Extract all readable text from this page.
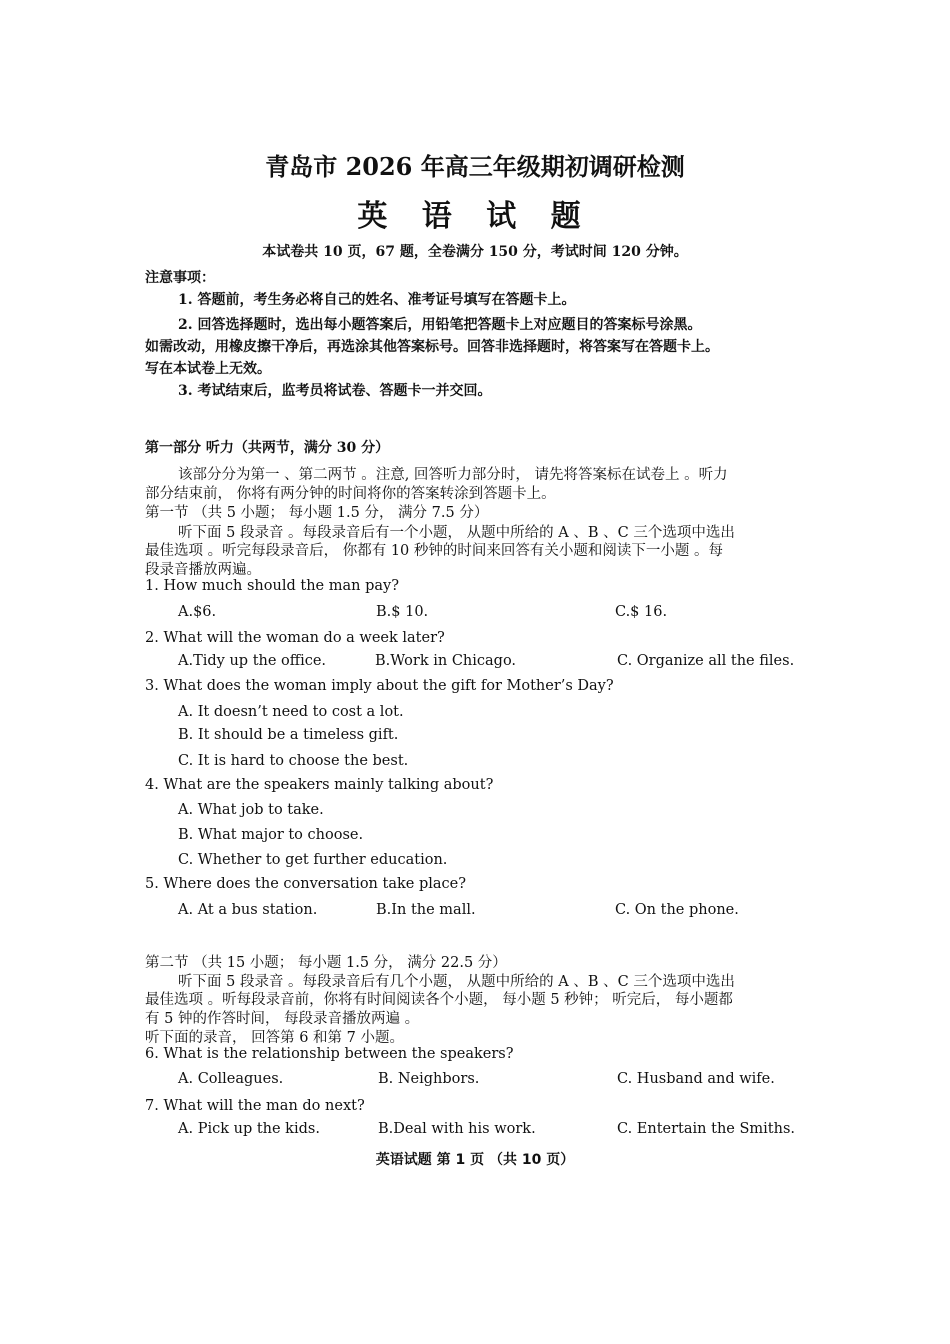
青岛市 2026 年高三年级期初调研检测
英 语 试 题
本试卷共 10 页，67 题，全卷满分 150 分，考试时间 120 分钟。
注意事项：
1. 答题前，考生务必将自己的姓名、准考证号填写在答题卡上。
2. 回答选择题时，选出每小题答案后，用铅笔把答题卡上对应题目的答案标号涂黑。
如需改动，用橡皮擦干净后，再选涂其他答案标号。回答非选择题时，将答案写在答题卡上。
写在本试卷上无效。
3. 考试结束后，监考员将试卷、答题卡一并交回。
第一部分 听力（共两节，满分 30 分）
该部分分为第一 、第二两节 。注意, 回答听力部分时， 请先将答案标在试卷上 。听力
部分结束前， 你将有两分钟的时间将你的答案转涂到答题卡上。
第一节 （共 5 小题； 每小题 1.5 分， 满分 7.5 分）
听下面 5 段录音 。每段录音后有一个小题， 从题中所给的 A 、B 、C 三个选项中选出
最佳选项 。听完每段录音后， 你都有 10 秒钟的时间来回答有关小题和阅读下一小题 。每
段录音播放两遍。
1. How much should the man pay?
A.$6.	B.$ 10.	C.$ 16.
2. What will the woman do a week later?
A.Tidy up the office.	B.Work in Chicago.	C. Organize all the files.
3. What does the woman imply about the gift for Mother’s Day?
A. It doesn’t need to cost a lot.
B. It should be a timeless gift.
C. It is hard to choose the best.
4. What are the speakers mainly talking about?
A. What job to take.
B. What major to choose.
C. Whether to get further education.
5. Where does the conversation take place?
A. At a bus station.	B.In the mall.	C. On the phone.
第二节 （共 15 小题； 每小题 1.5 分， 满分 22.5 分）
听下面 5 段录音 。每段录音后有几个小题， 从题中所给的 A 、B 、C 三个选项中选出
最佳选项 。听每段录音前，你将有时间阅读各个小题， 每小题 5 秒钟； 听完后， 每小题都
有 5 钟的作答时间， 每段录音播放两遍 。
听下面的录音， 回答第 6 和第 7 小题。
6. What is the relationship between the speakers?
A. Colleagues.	B. Neighbors.	C. Husband and wife.
7. What will the man do next?
A. Pick up the kids.	B.Deal with his work.	C. Entertain the Smiths.
英语试题 第 1 页 （共 10 页）
